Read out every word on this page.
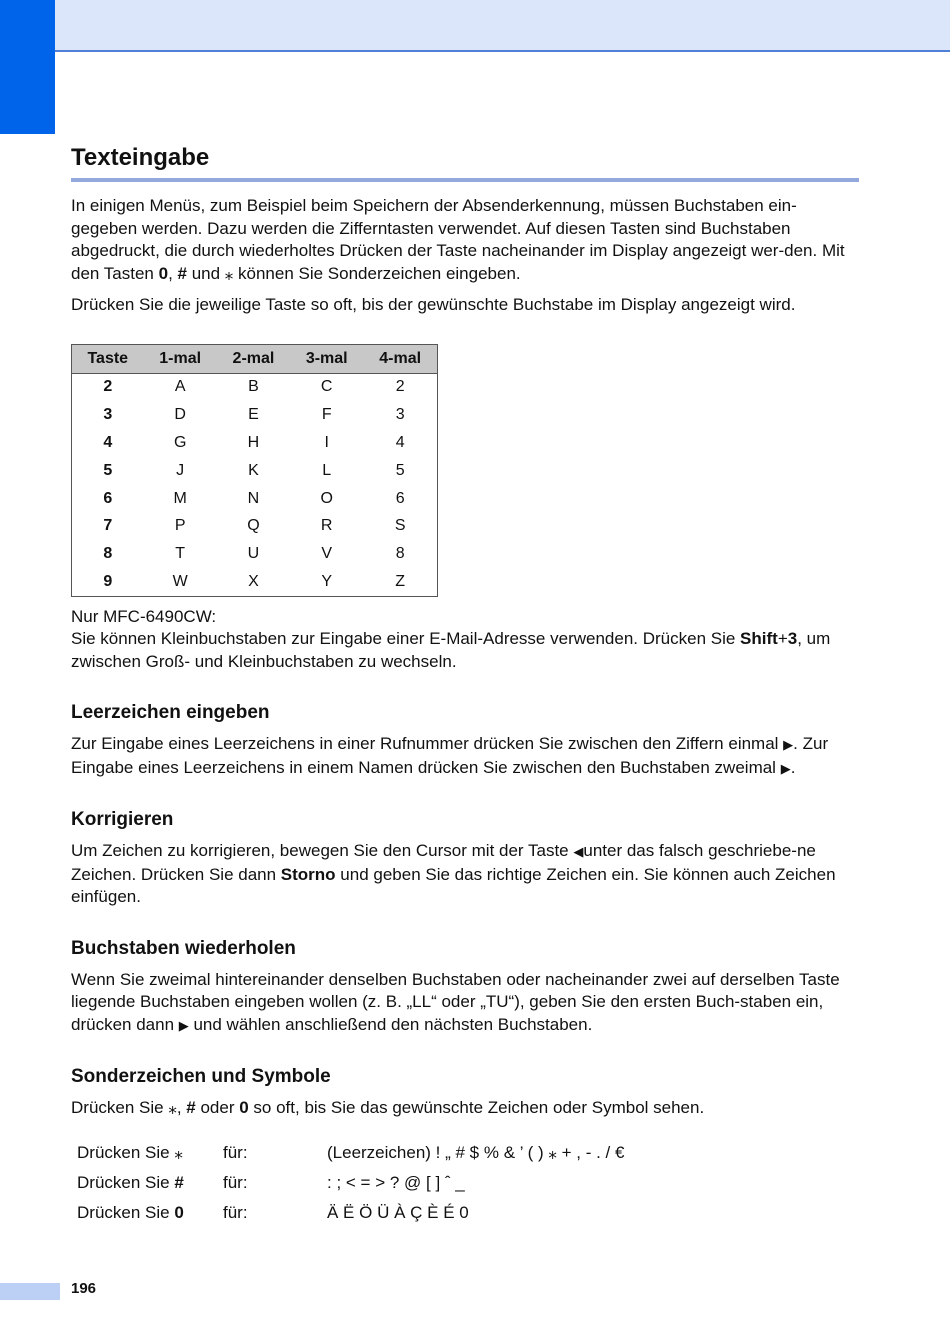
Texteingabe

In einigen Menüs, zum Beispiel beim Speichern der Absenderkennung, müssen Buchstaben ein-gegeben werden. Dazu werden die Zifferntasten verwendet. Auf diesen Tasten sind Buchstaben abgedruckt, die durch wiederholtes Drücken der Taste nacheinander im Display angezeigt wer-den. Mit den Tasten 0, # und ⁎ können Sie Sonderzeichen eingeben.

Drücken Sie die jeweilige Taste so oft, bis der gewünschte Buchstabe im Display angezeigt wird.

Taste	1-mal	2-mal	3-mal	4-mal
2	A	B	C	2
3	D	E	F	3
4	G	H	I	4
5	J	K	L	5
6	M	N	O	6
7	P	Q	R	S
8	T	U	V	8
9	W	X	Y	Z

Nur MFC-6490CW:
Sie können Kleinbuchstaben zur Eingabe einer E-Mail-Adresse verwenden. Drücken Sie Shift+3, um zwischen Groß- und Kleinbuchstaben zu wechseln.

Leerzeichen eingeben

Zur Eingabe eines Leerzeichens in einer Rufnummer drücken Sie zwischen den Ziffern einmal ▶. Zur Eingabe eines Leerzeichens in einem Namen drücken Sie zwischen den Buchstaben zweimal ▶.

Korrigieren

Um Zeichen zu korrigieren, bewegen Sie den Cursor mit der Taste ◀unter das falsch geschriebe-ne Zeichen. Drücken Sie dann Storno und geben Sie das richtige Zeichen ein. Sie können auch Zeichen einfügen.

Buchstaben wiederholen

Wenn Sie zweimal hintereinander denselben Buchstaben oder nacheinander zwei auf derselben Taste liegende Buchstaben eingeben wollen (z. B. „LL“ oder „TU“), geben Sie den ersten Buch-staben ein, drücken dann ▶ und wählen anschließend den nächsten Buchstaben.

Sonderzeichen und Symbole

Drücken Sie ⁎, # oder 0 so oft, bis Sie das gewünschte Zeichen oder Symbol sehen.

Drücken Sie ⁎	für:	(Leerzeichen) ! „ # $ % & ’ ( ) ⁎ + , - . / €
Drücken Sie #	für:	: ; < = > ? @ [ ] ˆ _
Drücken Sie 0	für:	Ä Ë Ö Ü À Ç È É 0
196
